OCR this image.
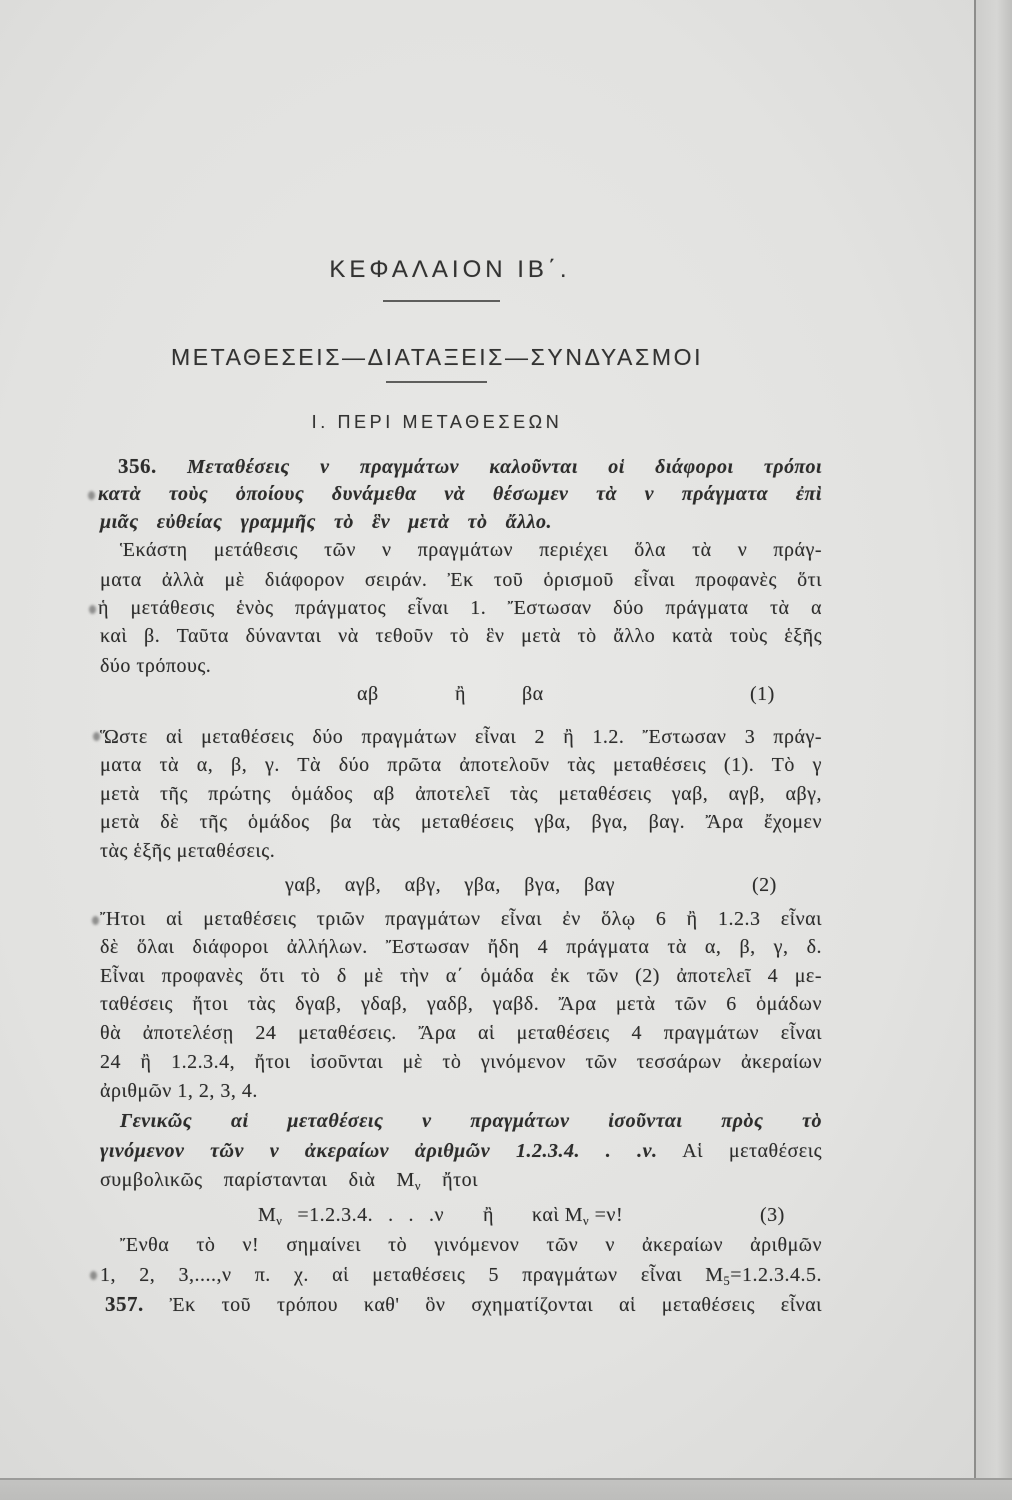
ΚΕΦΑΛΑΙΟΝ ΙΒ΄.
ΜΕΤΑΘΕΣΕΙΣ—ΔΙΑΤΑΞΕΙΣ—ΣΥΝΔΥΑΣΜΟΙ
Ι. ΠΕΡΙ ΜΕΤΑΘΕΣΕΩΝ
356. Μεταθέσεις ν πραγμάτων καλοῦνται οἱ διάφοροι τρόποι
κατὰ τοὺς ὁποίους δυνάμεθα νὰ θέσωμεν τὰ ν πράγματα ἐπὶ
μιᾶς εὐθείας γραμμῆς τὸ ἓν μετὰ τὸ ἄλλο.
Ἑκάστη μετάθεσις τῶν ν πραγμάτων περιέχει ὅλα τὰ ν πράγ-
ματα ἀλλὰ μὲ διάφορον σειράν. Ἐκ τοῦ ὁρισμοῦ εἶναι προφανὲς ὅτι
ἡ μετάθεσις ἑνὸς πράγματος εἶναι 1. Ἔστωσαν δύο πράγματα τὰ α
καὶ β. Ταῦτα δύνανται νὰ τεθοῦν τὸ ἓν μετὰ τὸ ἄλλο κατὰ τοὺς ἑξῆς
δύο τρόπους.
αβ	ἢ	βα	(1)
Ὥστε αἱ μεταθέσεις δύο πραγμάτων εἶναι 2 ἢ 1.2. Ἔστωσαν 3 πράγ-
ματα τὰ α, β, γ. Τὰ δύο πρῶτα ἀποτελοῦν τὰς μεταθέσεις (1). Τὸ γ
μετὰ τῆς πρώτης ὁμάδος αβ ἀποτελεῖ τὰς μεταθέσεις γαβ, αγβ, αβγ,
μετὰ δὲ τῆς ὁμάδος βα τὰς μεταθέσεις γβα, βγα, βαγ. Ἄρα ἔχομεν
τὰς ἑξῆς μεταθέσεις.
γαβ, αγβ, αβγ, γβα, βγα, βαγ	(2)
Ἤτοι αἱ μεταθέσεις τριῶν πραγμάτων εἶναι ἐν ὅλῳ 6 ἢ 1.2.3 εἶναι
δὲ ὅλαι διάφοροι ἀλλήλων. Ἔστωσαν ἤδη 4 πράγματα τὰ α, β, γ, δ.
Εἶναι προφανὲς ὅτι τὸ δ μὲ τὴν α΄ ὁμάδα ἐκ τῶν (2) ἀποτελεῖ 4 με-
ταθέσεις ἤτοι τὰς δγαβ, γδαβ, γαδβ, γαβδ. Ἄρα μετὰ τῶν 6 ὁμάδων
θὰ ἀποτελέσῃ 24 μεταθέσεις. Ἄρα αἱ μεταθέσεις 4 πραγμάτων εἶναι
24 ἢ 1.2.3.4, ἤτοι ἰσοῦνται μὲ τὸ γινόμενον τῶν τεσσάρων ἀκεραίων
ἀριθμῶν 1, 2, 3, 4.
Γενικῶς αἱ μεταθέσεις ν πραγμάτων ἰσοῦνται πρὸς τὸ
γινόμενον τῶν ν ἀκεραίων ἀριθμῶν 1.2.3.4. . .ν. Αἱ μεταθέσεις
συμβολικῶς παρίστανται διὰ $M_\nu$ ἤτοι
$M_\nu =1.2.3.4$. . . .ν ἢ καὶ $M_\nu =\nu$!	(3)
Ἔνθα τὸ ν! σημαίνει τὸ γινόμενον τῶν ν ἀκεραίων ἀριθμῶν
1, 2, 3,....,ν π. χ. αἱ μεταθέσεις 5 πραγμάτων εἶναι $M_5=1.2.3.4.5$.
357. Ἐκ τοῦ τρόπου καθ' ὃν σχηματίζονται αἱ μεταθέσεις εἶναι
